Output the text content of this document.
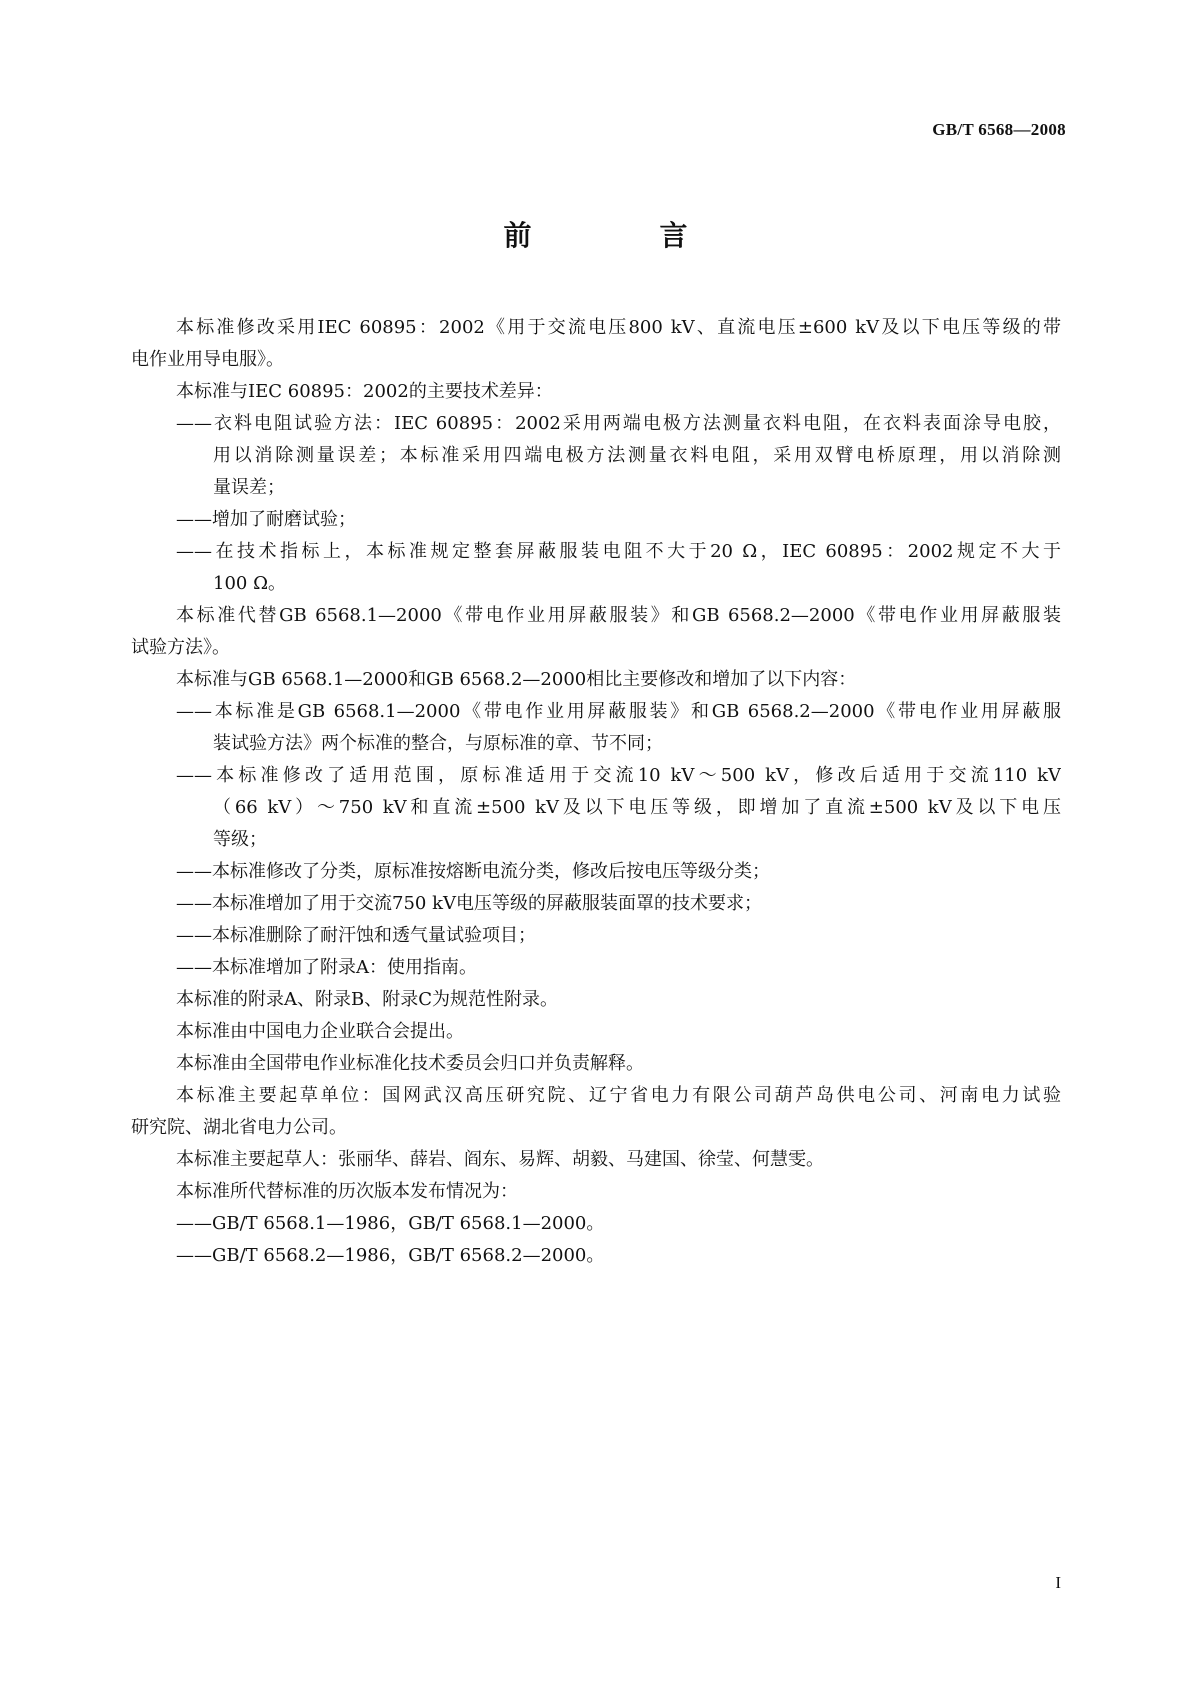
GB/T 6568—2008
前　言
本标准修改采用IEC 60895：2002《用于交流电压800 kV、直流电压±600 kV及以下电压等级的带
电作业用导电服》。
本标准与IEC 60895：2002的主要技术差异：
——衣料电阻试验方法：IEC 60895：2002采用两端电极方法测量衣料电阻，在衣料表面涂导电胶，
用以消除测量误差；本标准采用四端电极方法测量衣料电阻，采用双臂电桥原理，用以消除测
量误差；
——增加了耐磨试验；
——在技术指标上，本标准规定整套屏蔽服装电阻不大于20 Ω，IEC 60895：2002规定不大于
100 Ω。
本标准代替GB 6568.1—2000《带电作业用屏蔽服装》和GB 6568.2—2000《带电作业用屏蔽服装
试验方法》。
本标准与GB 6568.1—2000和GB 6568.2—2000相比主要修改和增加了以下内容：
——本标准是GB 6568.1—2000《带电作业用屏蔽服装》和GB 6568.2—2000《带电作业用屏蔽服
装试验方法》两个标准的整合，与原标准的章、节不同；
——本标准修改了适用范围，原标准适用于交流10 kV～500 kV，修改后适用于交流110 kV
（66 kV）～750 kV和直流±500 kV及以下电压等级，即增加了直流±500 kV及以下电压
等级；
——本标准修改了分类，原标准按熔断电流分类，修改后按电压等级分类；
——本标准增加了用于交流750 kV电压等级的屏蔽服装面罩的技术要求；
——本标准删除了耐汗蚀和透气量试验项目；
——本标准增加了附录A：使用指南。
本标准的附录A、附录B、附录C为规范性附录。
本标准由中国电力企业联合会提出。
本标准由全国带电作业标准化技术委员会归口并负责解释。
本标准主要起草单位：国网武汉高压研究院、辽宁省电力有限公司葫芦岛供电公司、河南电力试验
研究院、湖北省电力公司。
本标准主要起草人：张丽华、薛岩、阎东、易辉、胡毅、马建国、徐莹、何慧雯。
本标准所代替标准的历次版本发布情况为：
——GB/T 6568.1—1986，GB/T 6568.1—2000。
——GB/T 6568.2—1986，GB/T 6568.2—2000。
I
